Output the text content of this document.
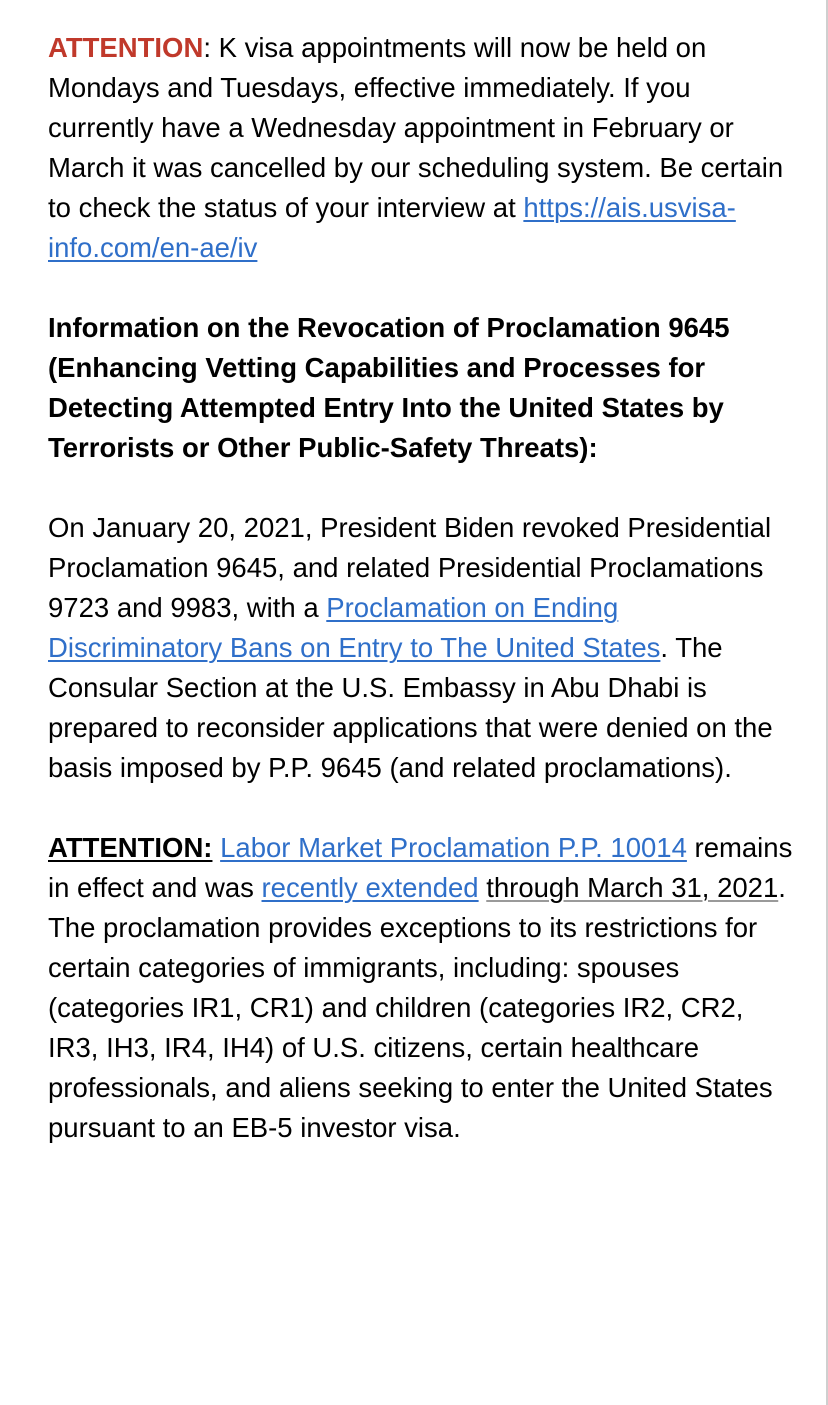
ATTENTION: K visa appointments will now be held on Mondays and Tuesdays, effective immediately. If you currently have a Wednesday appointment in February or March it was cancelled by our scheduling system. Be certain to check the status of your interview at https://ais.usvisa-info.com/en-ae/iv

Information on the Revocation of Proclamation 9645 (Enhancing Vetting Capabilities and Processes for Detecting Attempted Entry Into the United States by Terrorists or Other Public-Safety Threats):

On January 20, 2021, President Biden revoked Presidential Proclamation 9645, and related Presidential Proclamations 9723 and 9983, with a Proclamation on Ending Discriminatory Bans on Entry to The United States. The Consular Section at the U.S. Embassy in Abu Dhabi is prepared to reconsider applications that were denied on the basis imposed by P.P. 9645 (and related proclamations).

ATTENTION: Labor Market Proclamation P.P. 10014 remains in effect and was recently extended through March 31, 2021. The proclamation provides exceptions to its restrictions for certain categories of immigrants, including: spouses (categories IR1, CR1) and children (categories IR2, CR2, IR3, IH3, IR4, IH4) of U.S. citizens, certain healthcare professionals, and aliens seeking to enter the United States pursuant to an EB-5 investor visa.
